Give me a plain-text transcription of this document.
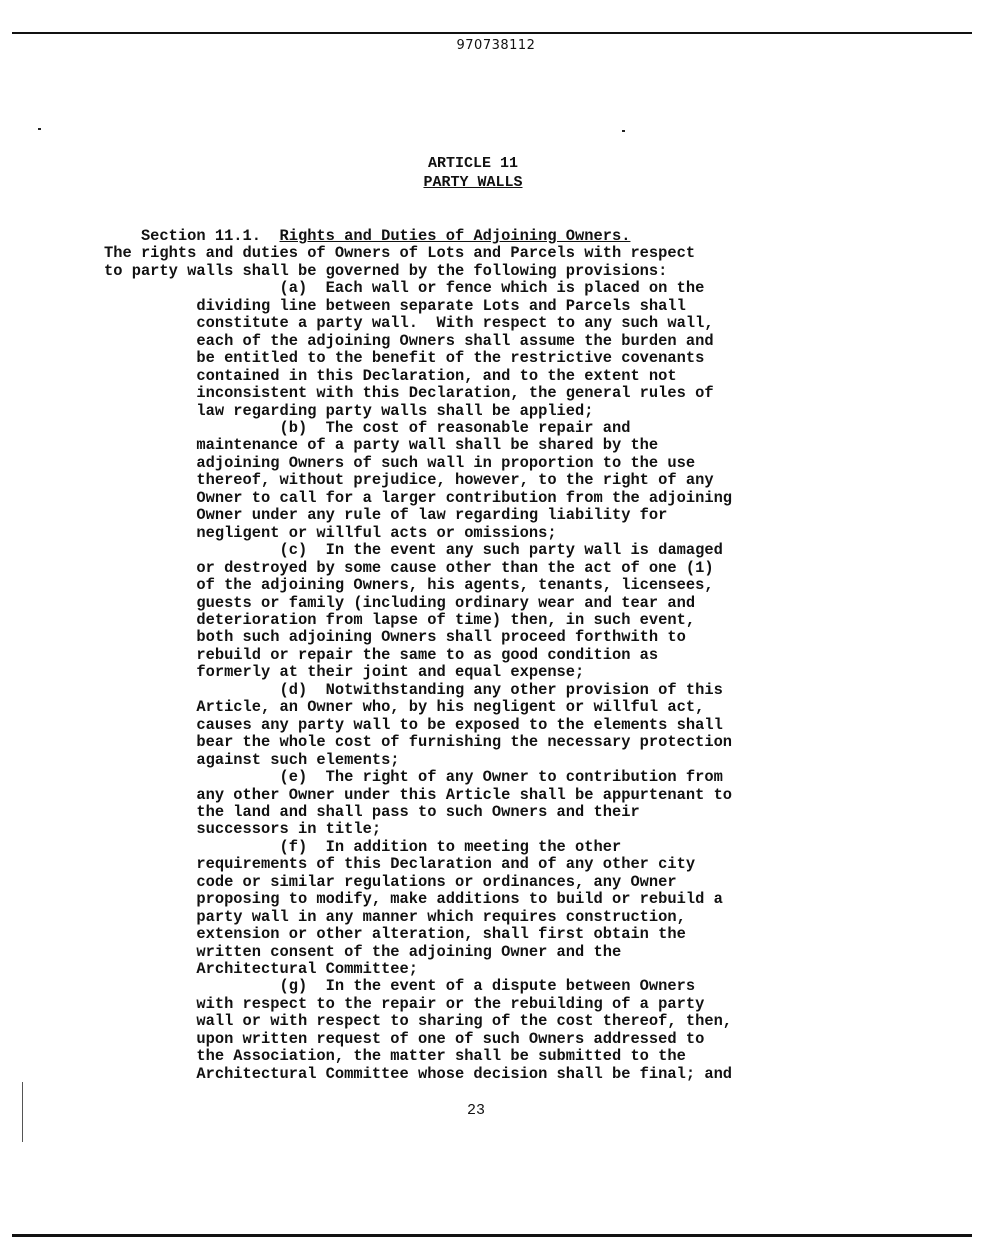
970738112
ARTICLE 11
PARTY WALLS
Section 11.1.  Rights and Duties of Adjoining Owners.

The rights and duties of Owners of Lots and Parcels with respect
to party walls shall be governed by the following provisions:
(a)  Each wall or fence which is placed on the
dividing line between separate Lots and Parcels shall
constitute a party wall.  With respect to any such wall,
each of the adjoining Owners shall assume the burden and
be entitled to the benefit of the restrictive covenants
contained in this Declaration, and to the extent not
inconsistent with this Declaration, the general rules of
law regarding party walls shall be applied;
(b)  The cost of reasonable repair and
maintenance of a party wall shall be shared by the
adjoining Owners of such wall in proportion to the use
thereof, without prejudice, however, to the right of any
Owner to call for a larger contribution from the adjoining
Owner under any rule of law regarding liability for
negligent or willful acts or omissions;
(c)  In the event any such party wall is damaged
or destroyed by some cause other than the act of one (1)
of the adjoining Owners, his agents, tenants, licensees,
guests or family (including ordinary wear and tear and
deterioration from lapse of time) then, in such event,
both such adjoining Owners shall proceed forthwith to
rebuild or repair the same to as good condition as
formerly at their joint and equal expense;
(d)  Notwithstanding any other provision of this
Article, an Owner who, by his negligent or willful act,
causes any party wall to be exposed to the elements shall
bear the whole cost of furnishing the necessary protection
against such elements;
(e)  The right of any Owner to contribution from
any other Owner under this Article shall be appurtenant to
the land and shall pass to such Owners and their
successors in title;
(f)  In addition to meeting the other
requirements of this Declaration and of any other city
code or similar regulations or ordinances, any Owner
proposing to modify, make additions to build or rebuild a
party wall in any manner which requires construction,
extension or other alteration, shall first obtain the
written consent of the adjoining Owner and the
Architectural Committee;
(g)  In the event of a dispute between Owners
with respect to the repair or the rebuilding of a party
wall or with respect to sharing of the cost thereof, then,
upon written request of one of such Owners addressed to
the Association, the matter shall be submitted to the
Architectural Committee whose decision shall be final; and
23
